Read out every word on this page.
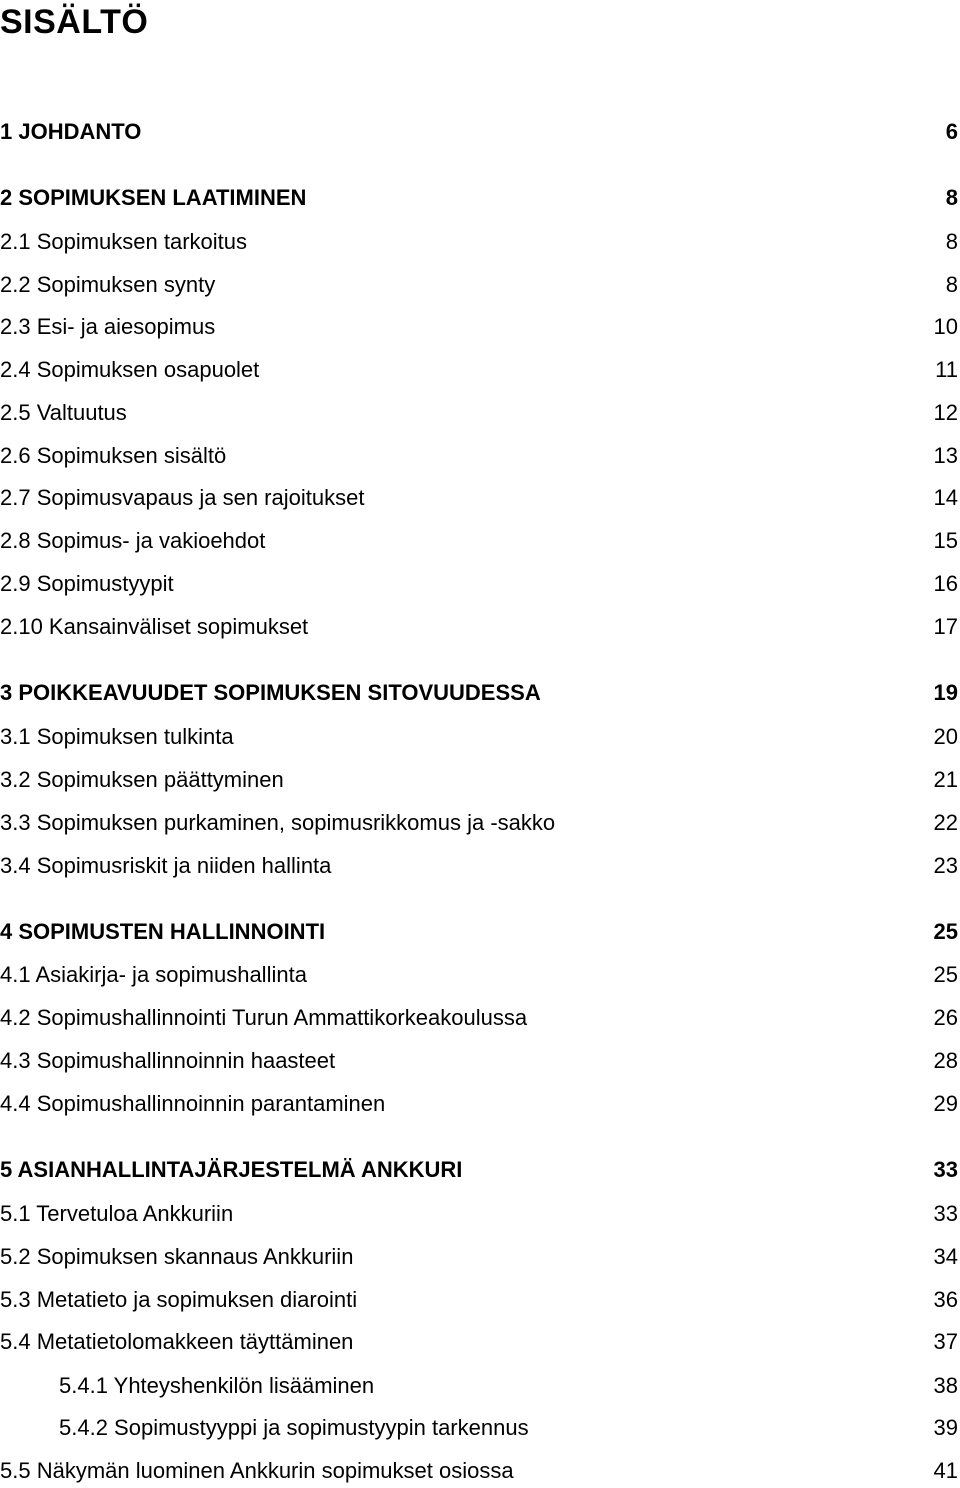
SISÄLTÖ
1 JOHDANTO	6
2 SOPIMUKSEN LAATIMINEN	8
2.1 Sopimuksen tarkoitus	8
2.2 Sopimuksen synty	8
2.3 Esi- ja aiesopimus	10
2.4 Sopimuksen osapuolet	11
2.5 Valtuutus	12
2.6 Sopimuksen sisältö	13
2.7 Sopimusvapaus ja sen rajoitukset	14
2.8 Sopimus- ja vakioehdot	15
2.9 Sopimustyypit	16
2.10 Kansainväliset sopimukset	17
3 POIKKEAVUUDET SOPIMUKSEN SITOVUUDESSA	19
3.1 Sopimuksen tulkinta	20
3.2 Sopimuksen päättyminen	21
3.3 Sopimuksen purkaminen, sopimusrikkomus ja -sakko	22
3.4 Sopimusriskit ja niiden hallinta	23
4 SOPIMUSTEN HALLINNOINTI	25
4.1 Asiakirja- ja sopimushallinta	25
4.2 Sopimushallinnointi Turun Ammattikorkeakoulussa	26
4.3 Sopimushallinnoinnin haasteet	28
4.4 Sopimushallinnoinnin parantaminen	29
5 ASIANHALLINTAJÄRJESTELMÄ ANKKURI	33
5.1 Tervetuloa Ankkuriin	33
5.2 Sopimuksen skannaus Ankkuriin	34
5.3 Metatieto ja sopimuksen diarointi	36
5.4 Metatietolomakkeen täyttäminen	37
5.4.1 Yhteyshenkilön lisääminen	38
5.4.2 Sopimustyyppi ja sopimustyypin tarkennus	39
5.5 Näkymän luominen Ankkurin sopimukset osiossa	41
